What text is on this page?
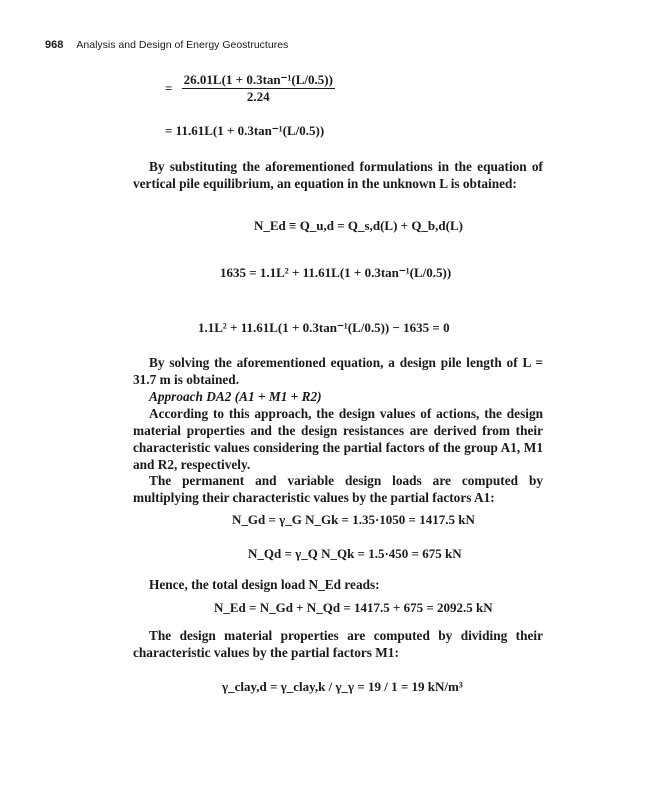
968 Analysis and Design of Energy Geostructures
= $\frac{\text{26.01L(1 + 0.3tan⁻¹(L/0.5))}}{2.24}$
= 11.61L(1 + 0.3tan⁻¹(L/0.5))
By substituting the aforementioned formulations in the equation of vertical pile equilibrium, an equation in the unknown L is obtained:
N_Ed ≡ Q_u,d = Q_s,d(L) + Q_b,d(L)
1635 = 1.1L² + 11.61L(1 + 0.3tan⁻¹(L/0.5))
1.1L² + 11.61L(1 + 0.3tan⁻¹(L/0.5)) − 1635 = 0
By solving the aforementioned equation, a design pile length of L = 31.7 m is obtained.
Approach DA2 (A1 + M1 + R2)
According to this approach, the design values of actions, the design material properties and the design resistances are derived from their characteristic values considering the partial factors of the group A1, M1 and R2, respectively.
The permanent and variable design loads are computed by multiplying their characteristic values by the partial factors A1:
N_Gd = γ_G N_Gk = 1.35·1050 = 1417.5 kN
N_Qd = γ_Q N_Qk = 1.5·450 = 675 kN
Hence, the total design load N_Ed reads:
N_Ed = N_Gd + N_Qd = 1417.5 + 675 = 2092.5 kN
The design material properties are computed by dividing their characteristic values by the partial factors M1:
γ_clay,d = γ_clay,k / γ_γ = 19 / 1 = 19 kN/m³
